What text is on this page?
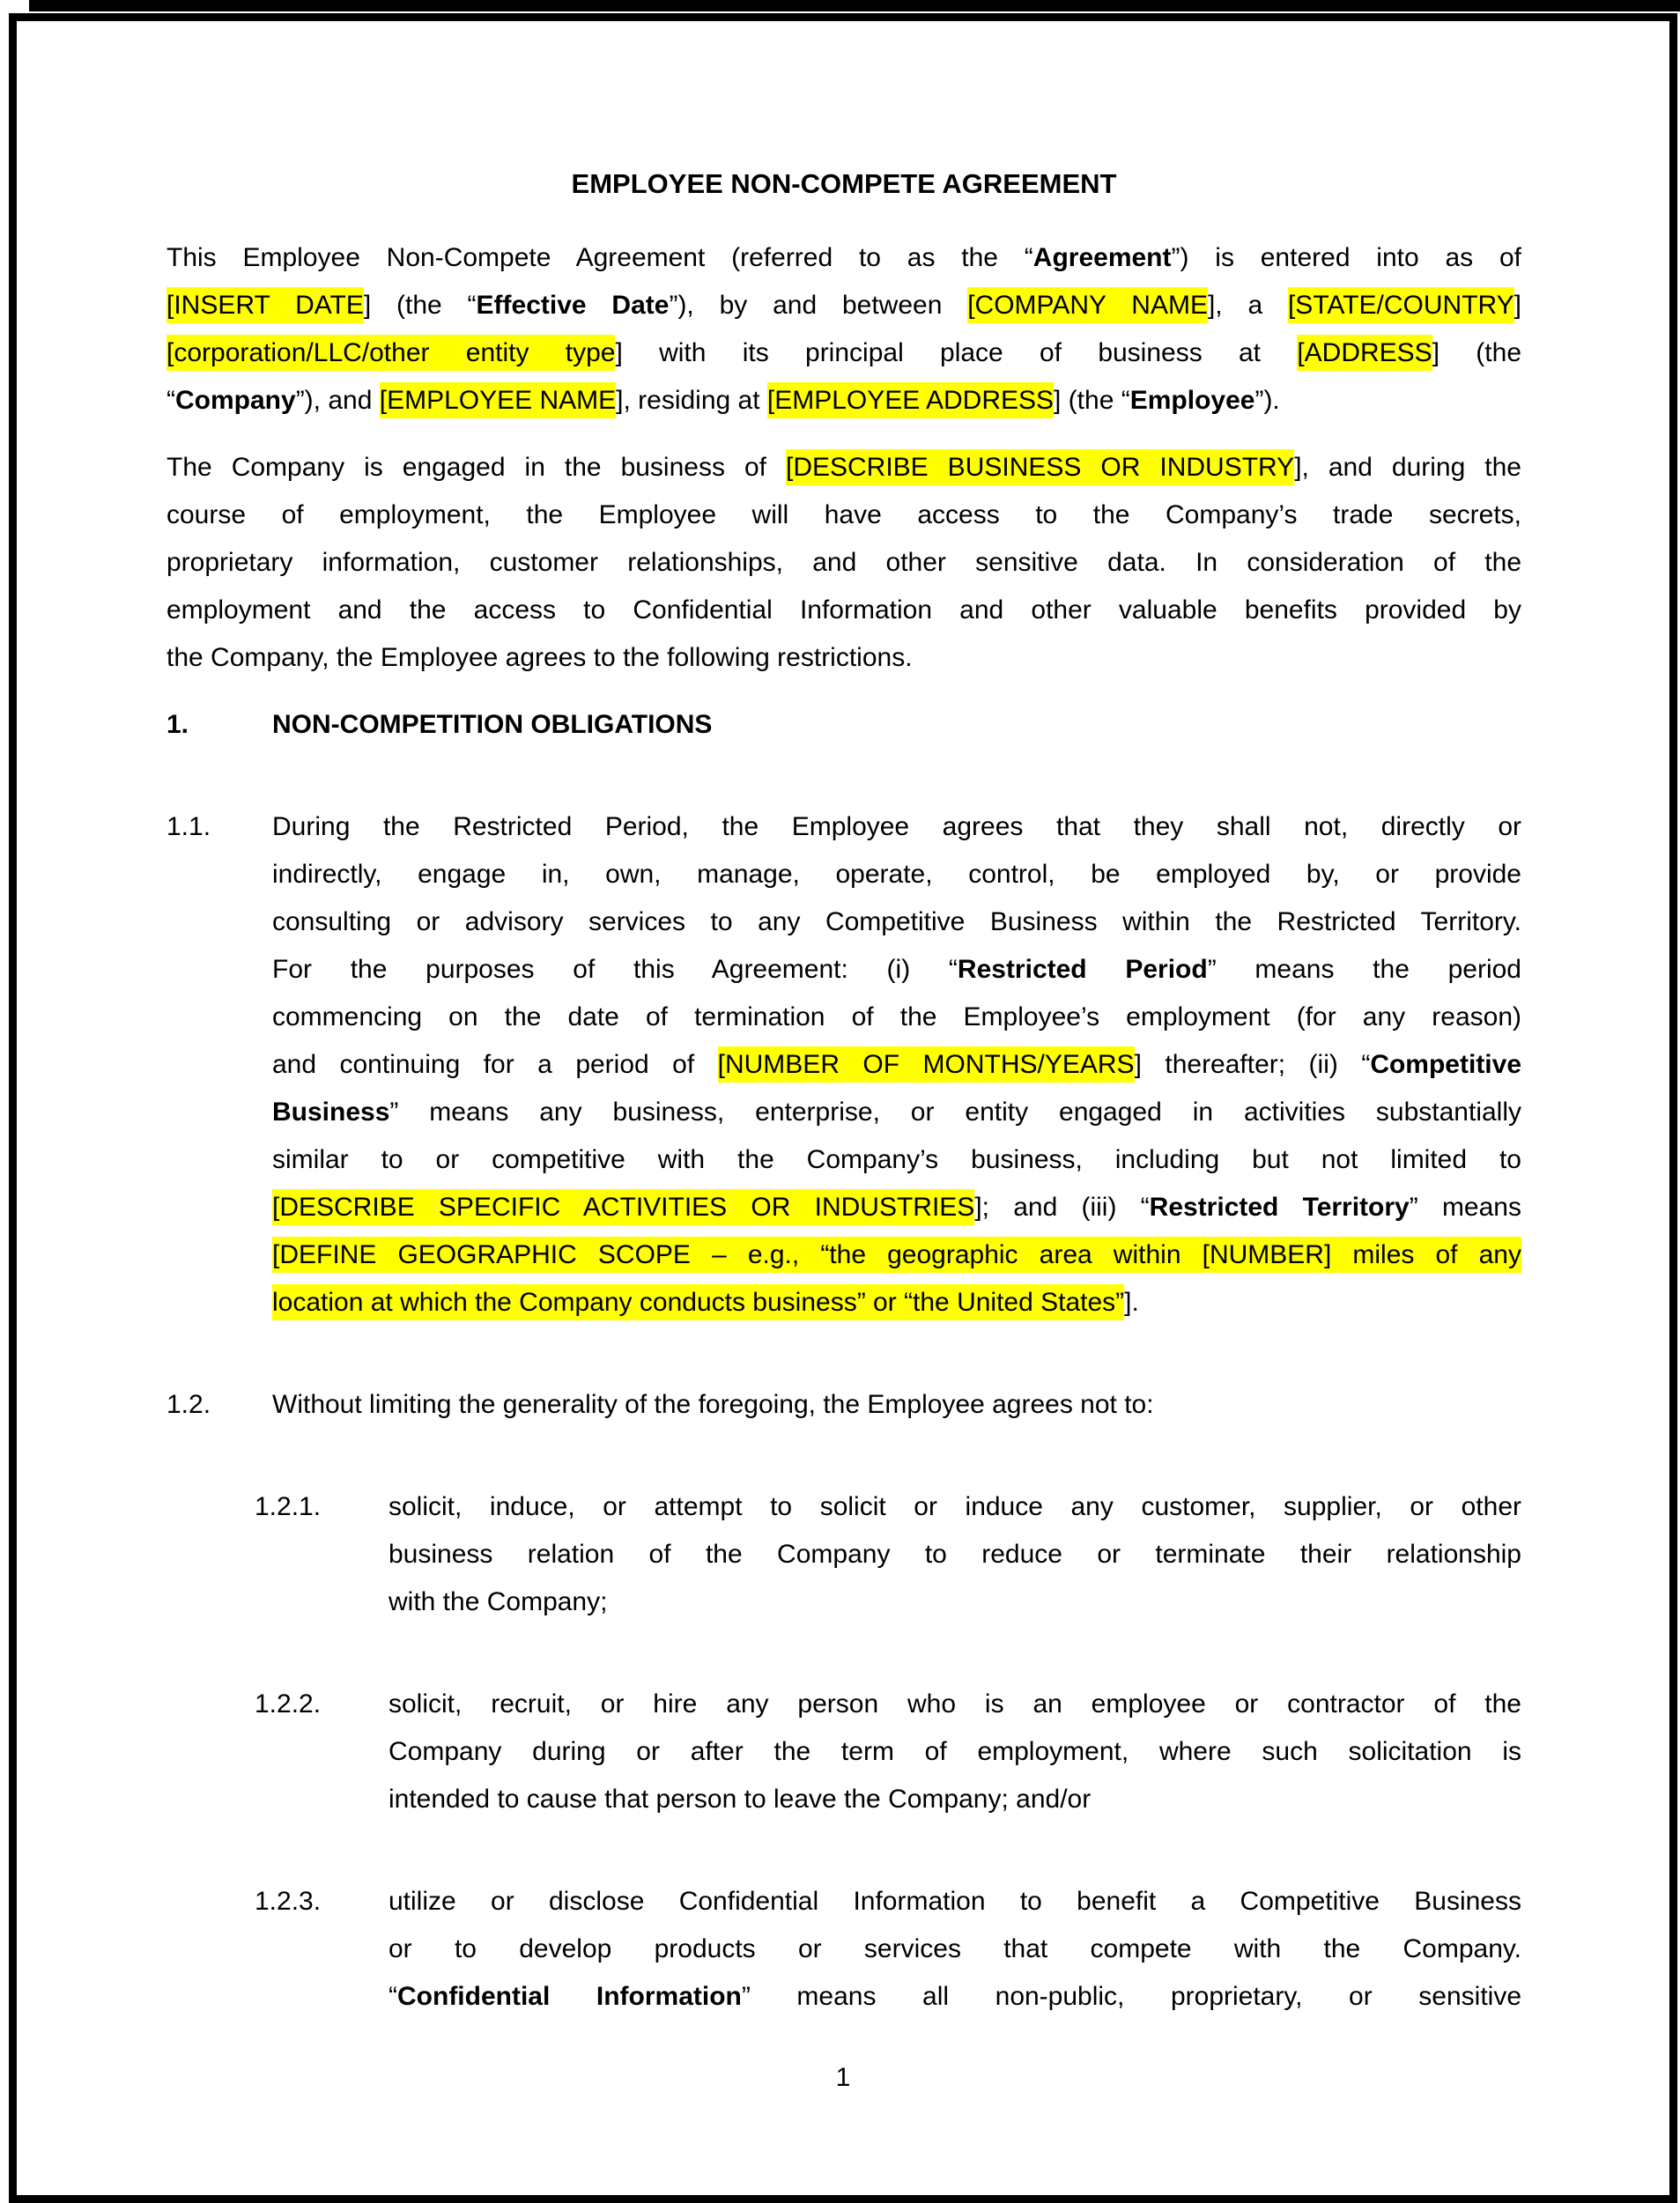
EMPLOYEE NON-COMPETE AGREEMENT
This Employee Non-Compete Agreement (referred to as the “Agreement”) is entered into as of
[INSERT DATE] (the “Effective Date”), by and between [COMPANY NAME], a [STATE/COUNTRY]
[corporation/LLC/other entity type] with its principal place of business at [ADDRESS] (the
“Company”), and [EMPLOYEE NAME], residing at [EMPLOYEE ADDRESS] (the “Employee”).
The Company is engaged in the business of [DESCRIBE BUSINESS OR INDUSTRY], and during the
course of employment, the Employee will have access to the Company’s trade secrets,
proprietary information, customer relationships, and other sensitive data. In consideration of the
employment and the access to Confidential Information and other valuable benefits provided by
the Company, the Employee agrees to the following restrictions.
1.	NON-COMPETITION OBLIGATIONS
1.1.	During the Restricted Period, the Employee agrees that they shall not, directly or
indirectly, engage in, own, manage, operate, control, be employed by, or provide
consulting or advisory services to any Competitive Business within the Restricted Territory.
For the purposes of this Agreement: (i) “Restricted Period” means the period
commencing on the date of termination of the Employee’s employment (for any reason)
and continuing for a period of [NUMBER OF MONTHS/YEARS] thereafter; (ii) “Competitive
Business” means any business, enterprise, or entity engaged in activities substantially
similar to or competitive with the Company’s business, including but not limited to
[DESCRIBE SPECIFIC ACTIVITIES OR INDUSTRIES]; and (iii) “Restricted Territory” means
[DEFINE GEOGRAPHIC SCOPE – e.g., “the geographic area within [NUMBER] miles of any
location at which the Company conducts business” or “the United States”].
1.2.	Without limiting the generality of the foregoing, the Employee agrees not to:
1.2.1.	solicit, induce, or attempt to solicit or induce any customer, supplier, or other
business relation of the Company to reduce or terminate their relationship
with the Company;
1.2.2.	solicit, recruit, or hire any person who is an employee or contractor of the
Company during or after the term of employment, where such solicitation is
intended to cause that person to leave the Company; and/or
1.2.3.	utilize or disclose Confidential Information to benefit a Competitive Business
or to develop products or services that compete with the Company.
“Confidential Information” means all non-public, proprietary, or sensitive
1
